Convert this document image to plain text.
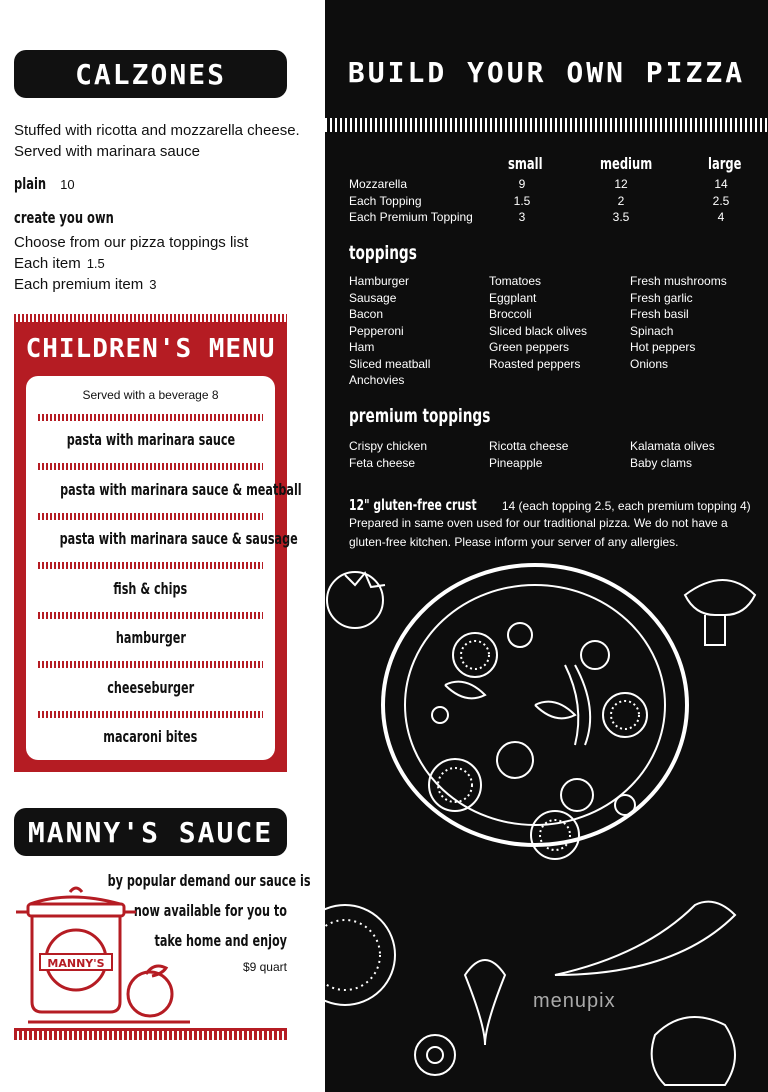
CALZONES
Stuffed with ricotta and mozzarella cheese. Served with marinara sauce
plain 10
create you own
Choose from our pizza toppings list
Each item 1.5
Each premium item 3
CHILDREN'S MENU
Served with a beverage 8
pasta with marinara sauce
pasta with marinara sauce & meatball
pasta with marinara sauce & sausage
fish & chips
hamburger
cheeseburger
macaroni bites
MANNY'S SAUCE
by popular demand our sauce is
now available for you to
take home and enjoy
$9 quart
MANNY'S
BUILD YOUR OWN PIZZA
small	medium	large
Mozzarella	9	12	14
Each Topping	1.5	2	2.5
Each Premium Topping	3	3.5	4
toppings
Hamburger
Sausage
Bacon
Pepperoni
Ham
Sliced meatball
Anchovies
Tomatoes
Eggplant
Broccoli
Sliced black olives
Green peppers
Roasted peppers
Fresh mushrooms
Fresh garlic
Fresh basil
Spinach
Hot peppers
Onions
premium toppings
Crispy chicken
Feta cheese
Ricotta cheese
Pineapple
Kalamata olives
Baby clams
12" gluten-free crust 14 (each topping 2.5, each premium topping 4)
Prepared in same oven used for our traditional pizza. We do not have a gluten-free kitchen. Please inform your server of any allergies.
menupix
